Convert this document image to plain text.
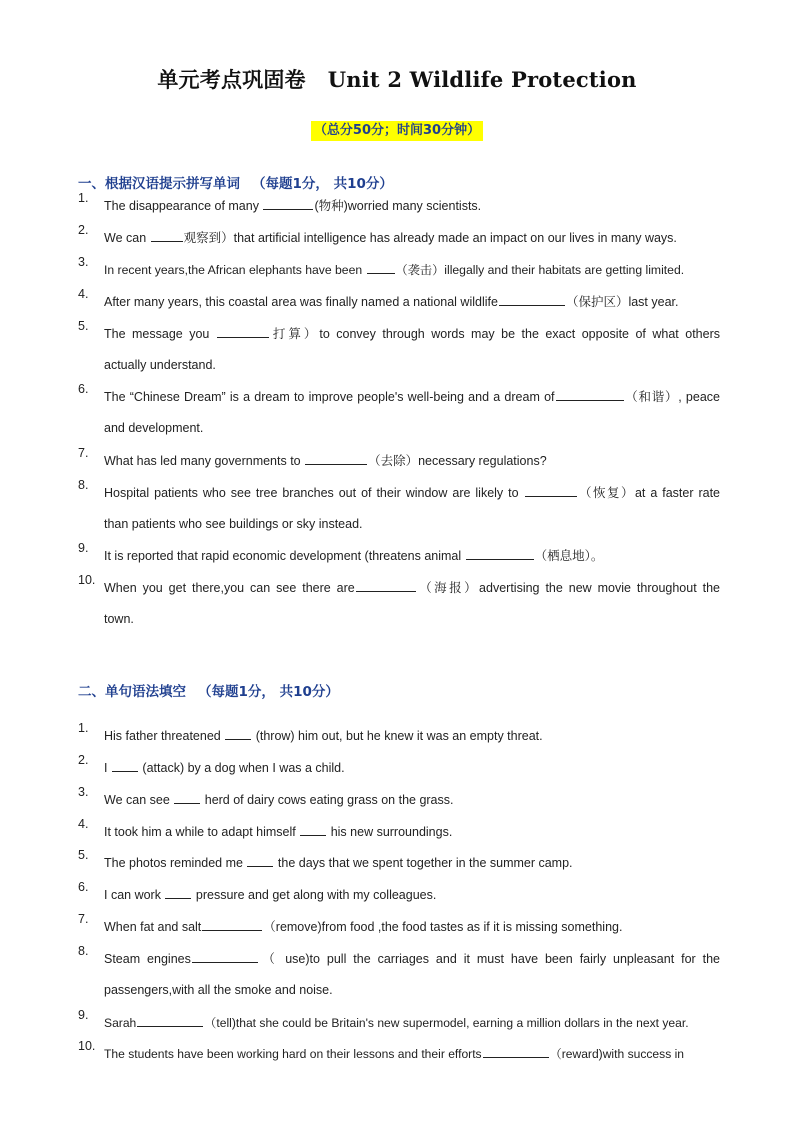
单元考点巩固卷 Unit 2 Wildlife Protection
（总分50分；时间30分钟）
一、根据汉语提示拼写单词 （每题1分， 共10分）
1.
The disappearance of many	(物种)worried many scientists.
2.
We can	观察到）that artificial intelligence has already made an impact on our lives in many ways.
3.
In recent years,the African elephants have been （袭击）illegally and their habitats are getting limited.
4.
After many years, this coastal area was finally named a national wildlife	（保护区）last year.
5.
The message you	打算）to convey through words may be the exact opposite of what others
actually understand.
6.
The “Chinese Dream” is a dream to improve people's well-being and a dream of	（和谐）, peace
and development.
7.
What has led many governments to	（去除）necessary regulations?
8.
Hospital patients who see tree branches out of their window are likely to	（恢复）at a faster rate
than patients who see buildings or sky instead.
9.
It is reported that rapid economic development (threatens animal	（栖息地）。
10.
When you get there,you can see there are	（海报）advertising the new movie throughout the
town.
二、单句语法填空 （每题1分， 共10分）
1.
His father threatened  (throw) him out, but he knew it was an empty threat.
2.
I  (attack) by a dog when I was a child.
3.
We can see  herd of dairy cows eating grass on the grass.
4.
It took him a while to adapt himself  his new surroundings.
5.
The photos reminded me  the days that we spent together in the summer camp.
6.
I can work  pressure and get along with my colleagues.
7.
When fat and salt	（remove)from food ,the food tastes as if it is missing something.
8.
Steam engines	（ use)to pull the carriages and it must have been fairly unpleasant for the
passengers,with all the smoke and noise.
9.
Sarah	（tell)that she could be Britain's new supermodel, earning a million dollars in the next year.
10.
The students have been working hard on their lessons and their efforts	（reward)with success in
